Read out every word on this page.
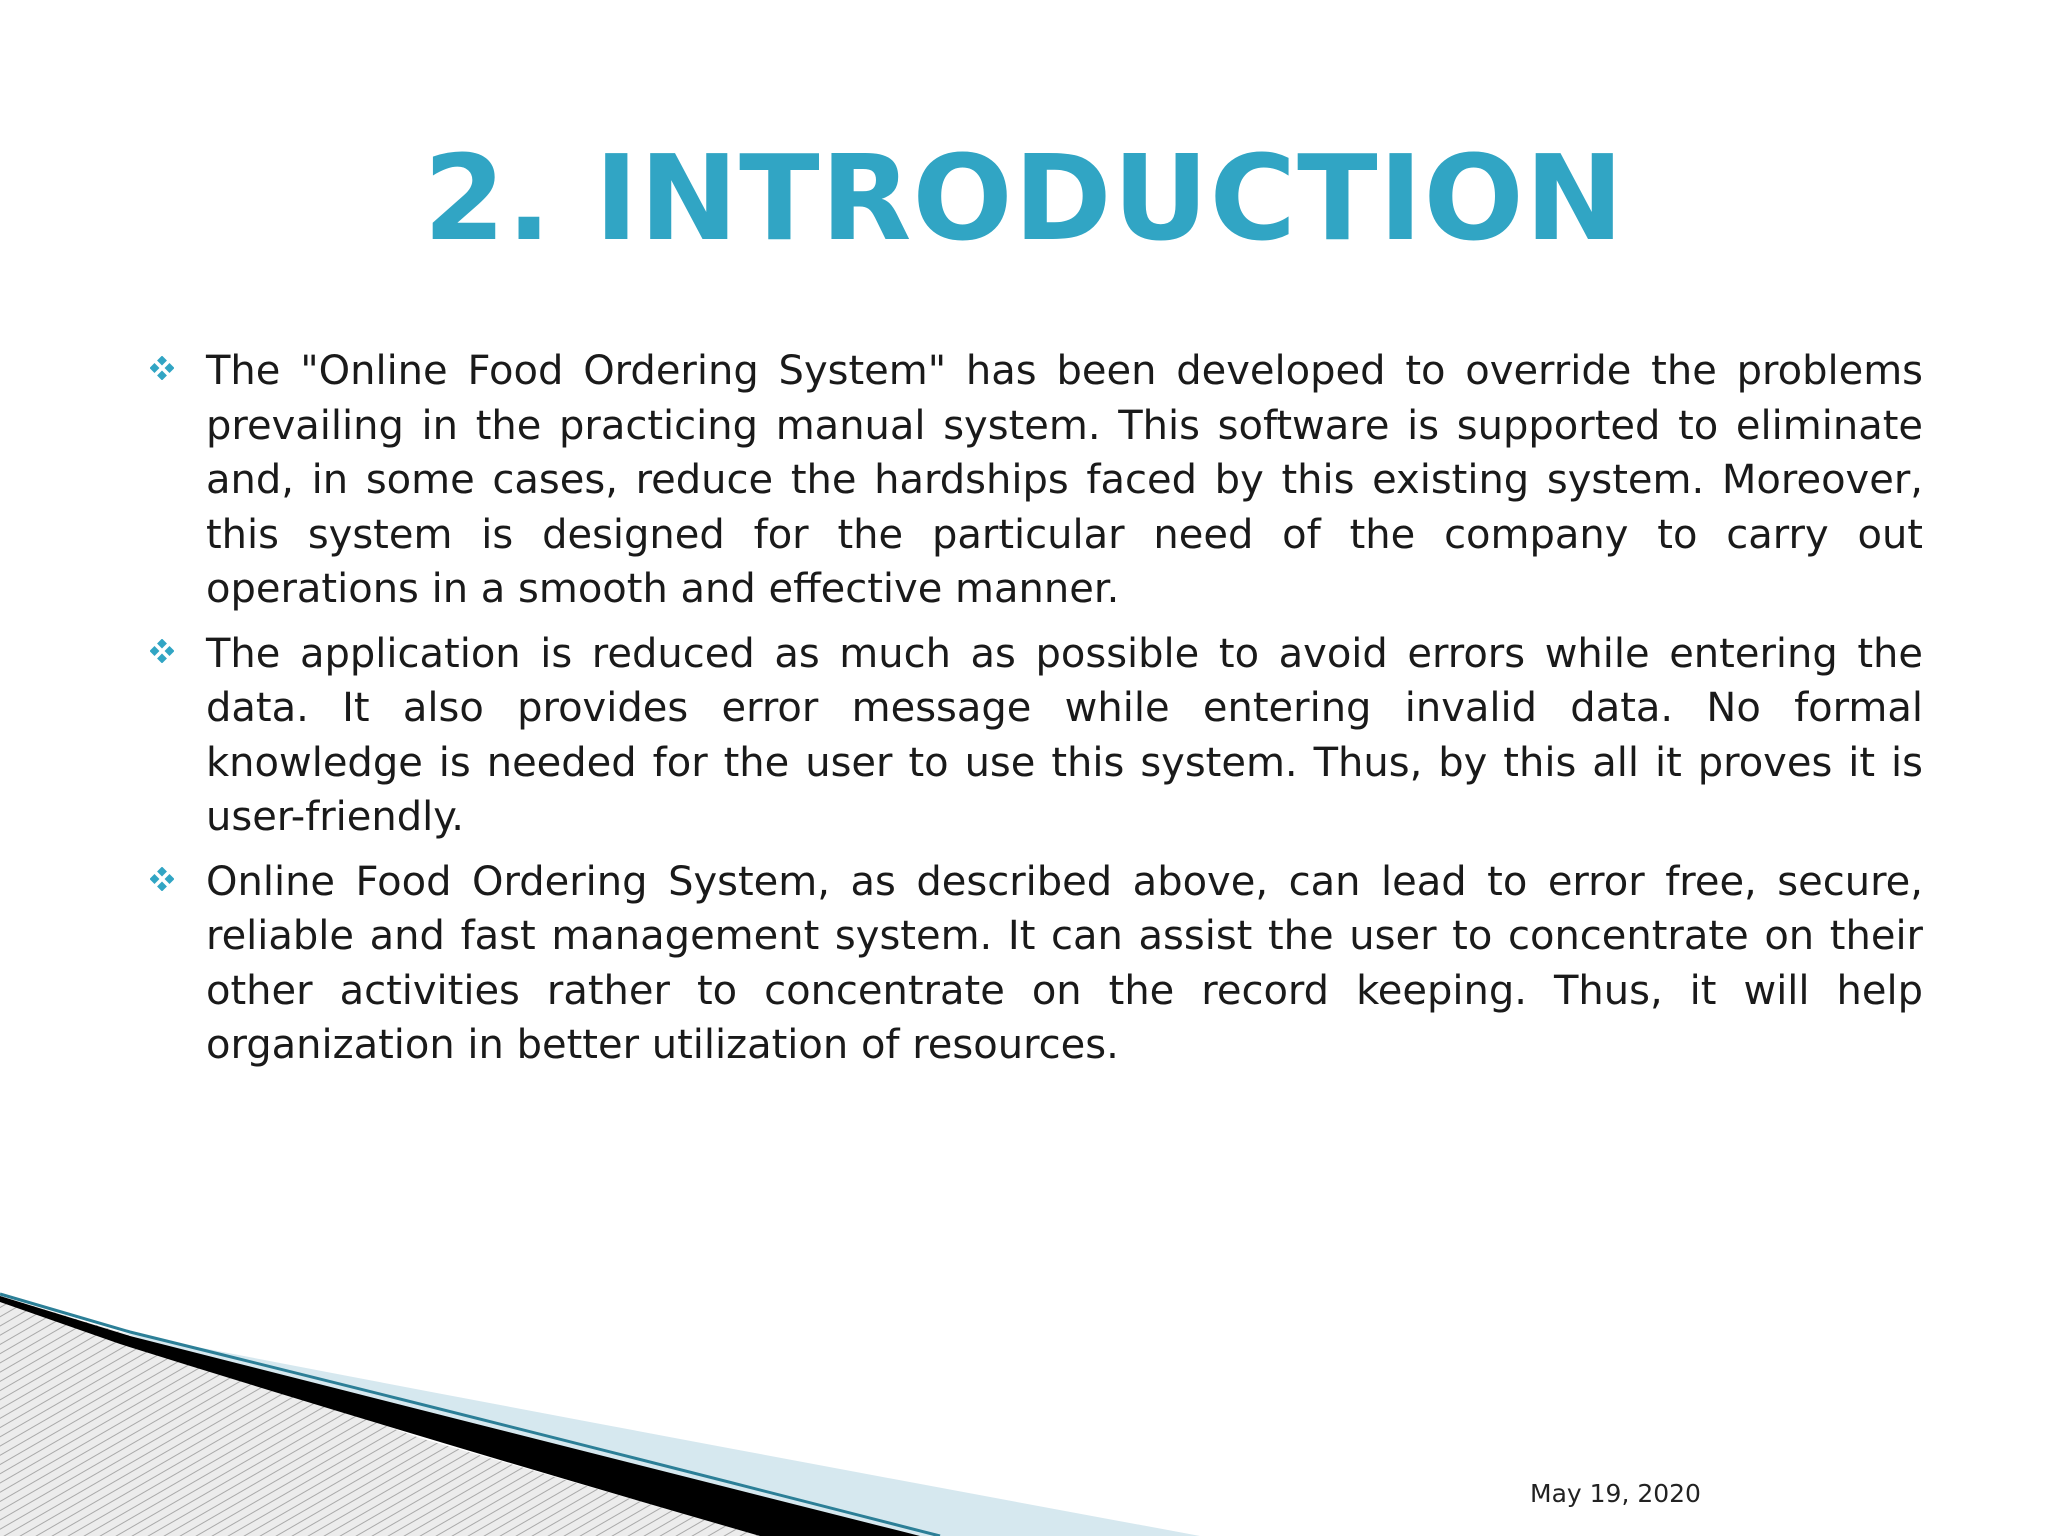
2. INTRODUCTION
The "Online Food Ordering System" has been developed to override the problems prevailing in the practicing manual system. This software is supported to eliminate and, in some cases, reduce the hardships faced by this existing system. Moreover, this system is designed for the particular need of the company to carry out operations in a smooth and effective manner.
The application is reduced as much as possible to avoid errors while entering the data. It also provides error message while entering invalid data. No formal knowledge is needed for the user to use this system. Thus, by this all it proves it is user-friendly.
Online Food Ordering System, as described above, can lead to error free, secure, reliable and fast management system. It can assist the user to concentrate on their other activities rather to concentrate on the record keeping. Thus, it will help organization in better utilization of resources.
May 19, 2020
